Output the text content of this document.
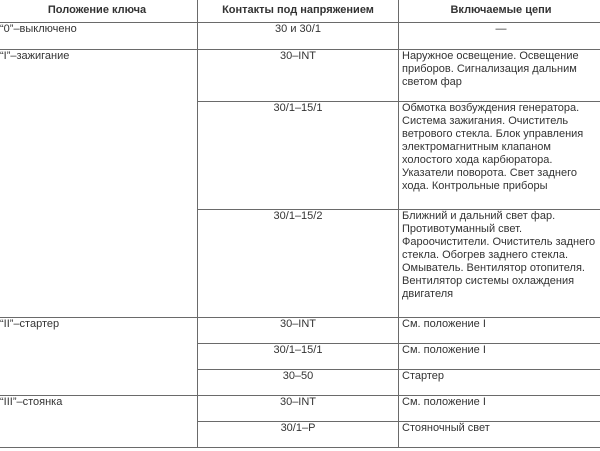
Положение ключа	Контакты под напряжением	Включаемые цепи
“0”–выключено	30 и 30/1	—
“I”–зажигание	30–INT	Наружное освещение. Освещение приборов. Сигнализация дальним светом фар
	30/1–15/1	Обмотка возбуждения генератора. Система зажигания. Очиститель ветрового стекла. Блок управления электромагнитным клапаном холостого хода карбюратора. Указатели поворота. Свет заднего хода. Контрольные приборы
	30/1–15/2	Ближний и дальний свет фар. Противотуманный свет. Фароочистители. Очиститель заднего стекла. Обогрев заднего стекла. Омыватель. Вентилятор отопителя. Вентилятор системы охлаждения двигателя
“II”–стартер	30–INT	См. положение I
	30/1–15/1	См. положение I
	30–50	Стартер
“III”–стоянка	30–INT	См. положение I
	30/1–P	Стояночный свет
